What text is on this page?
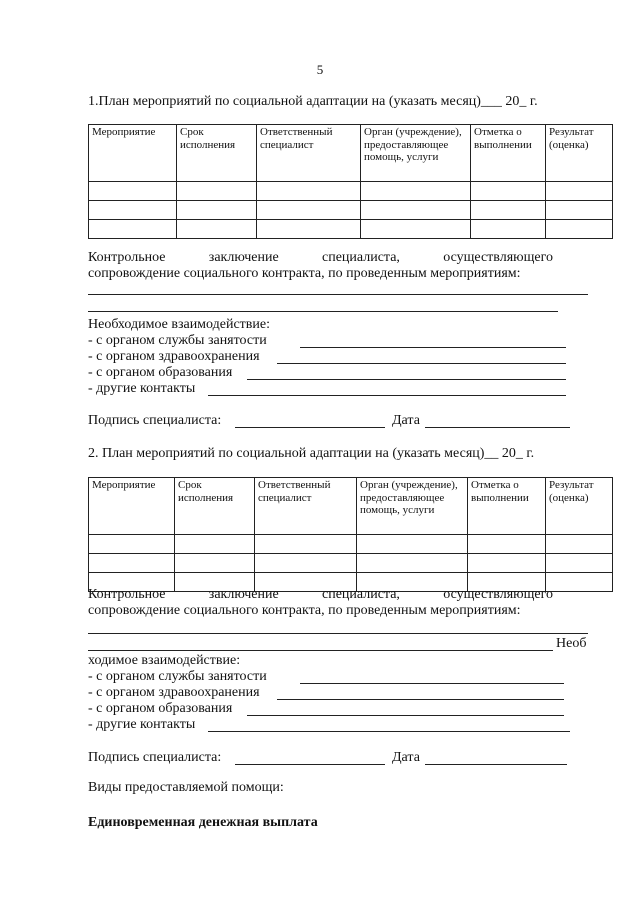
5
1.План мероприятий по социальной адаптации на (указать месяц)___ 20_ г.
Мероприятие	Срок исполнения	Ответственный специалист	Орган (учреждение), предоставляющее помощь, услуги	Отметка о выполнении	Результат (оценка)

Контрольное заключение специалиста, осуществляющего
сопровождение социального контракта, по проведенным мероприятиям:
Необходимое взаимодействие:
- с органом службы занятости
- с органом здравоохранения
- с органом образования
- другие контакты
Подпись специалиста:	Дата
2. План мероприятий по социальной адаптации на (указать месяц)__ 20_ г.
Мероприятие	Срок исполнения	Ответственный специалист	Орган (учреждение), предоставляющее помощь, услуги	Отметка о выполнении	Результат (оценка)

Контрольное заключение специалиста, осуществляющего
сопровождение социального контракта, по проведенным мероприятиям:
Необ
ходимое взаимодействие:
- с органом службы занятости
- с органом здравоохранения
- с органом образования
- другие контакты
Подпись специалиста:	Дата
Виды предоставляемой помощи:
Единовременная денежная выплата
